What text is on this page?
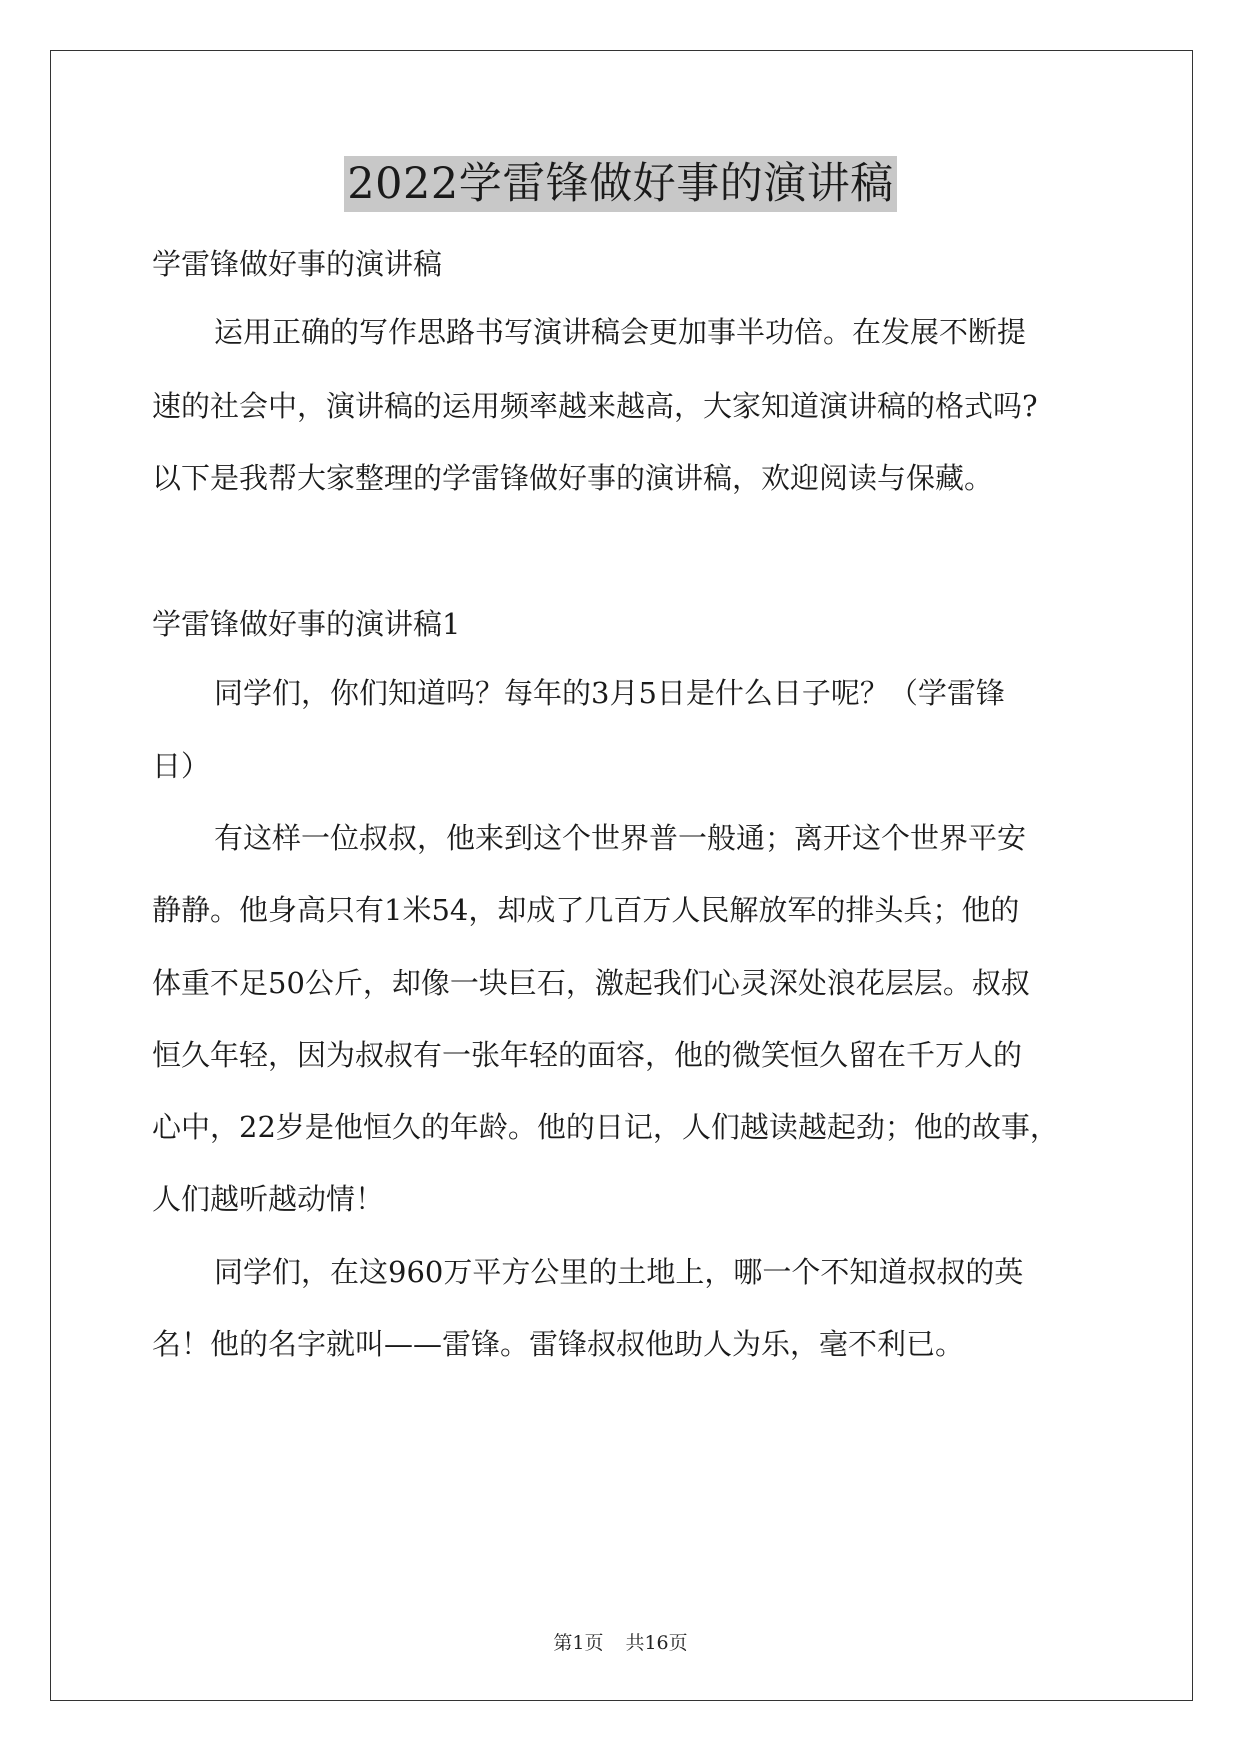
2022学雷锋做好事的演讲稿

学雷锋做好事的演讲稿

运用正确的写作思路书写演讲稿会更加事半功倍。在发展不断提

速的社会中，演讲稿的运用频率越来越高，大家知道演讲稿的格式吗?

以下是我帮大家整理的学雷锋做好事的演讲稿，欢迎阅读与保藏。

学雷锋做好事的演讲稿1

同学们，你们知道吗？每年的3月5日是什么日子呢？（学雷锋

日）

有这样一位叔叔，他来到这个世界普一般通；离开这个世界平安

静静。他身高只有1米54，却成了几百万人民解放军的排头兵；他的

体重不足50公斤，却像一块巨石，激起我们心灵深处浪花层层。叔叔

恒久年轻，因为叔叔有一张年轻的面容，他的微笑恒久留在千万人的

心中，22岁是他恒久的年龄。他的日记，人们越读越起劲；他的故事，

人们越听越动情！

同学们，在这960万平方公里的土地上，哪一个不知道叔叔的英

名！他的名字就叫——雷锋。雷锋叔叔他助人为乐，毫不利已。

第1页 共16页
